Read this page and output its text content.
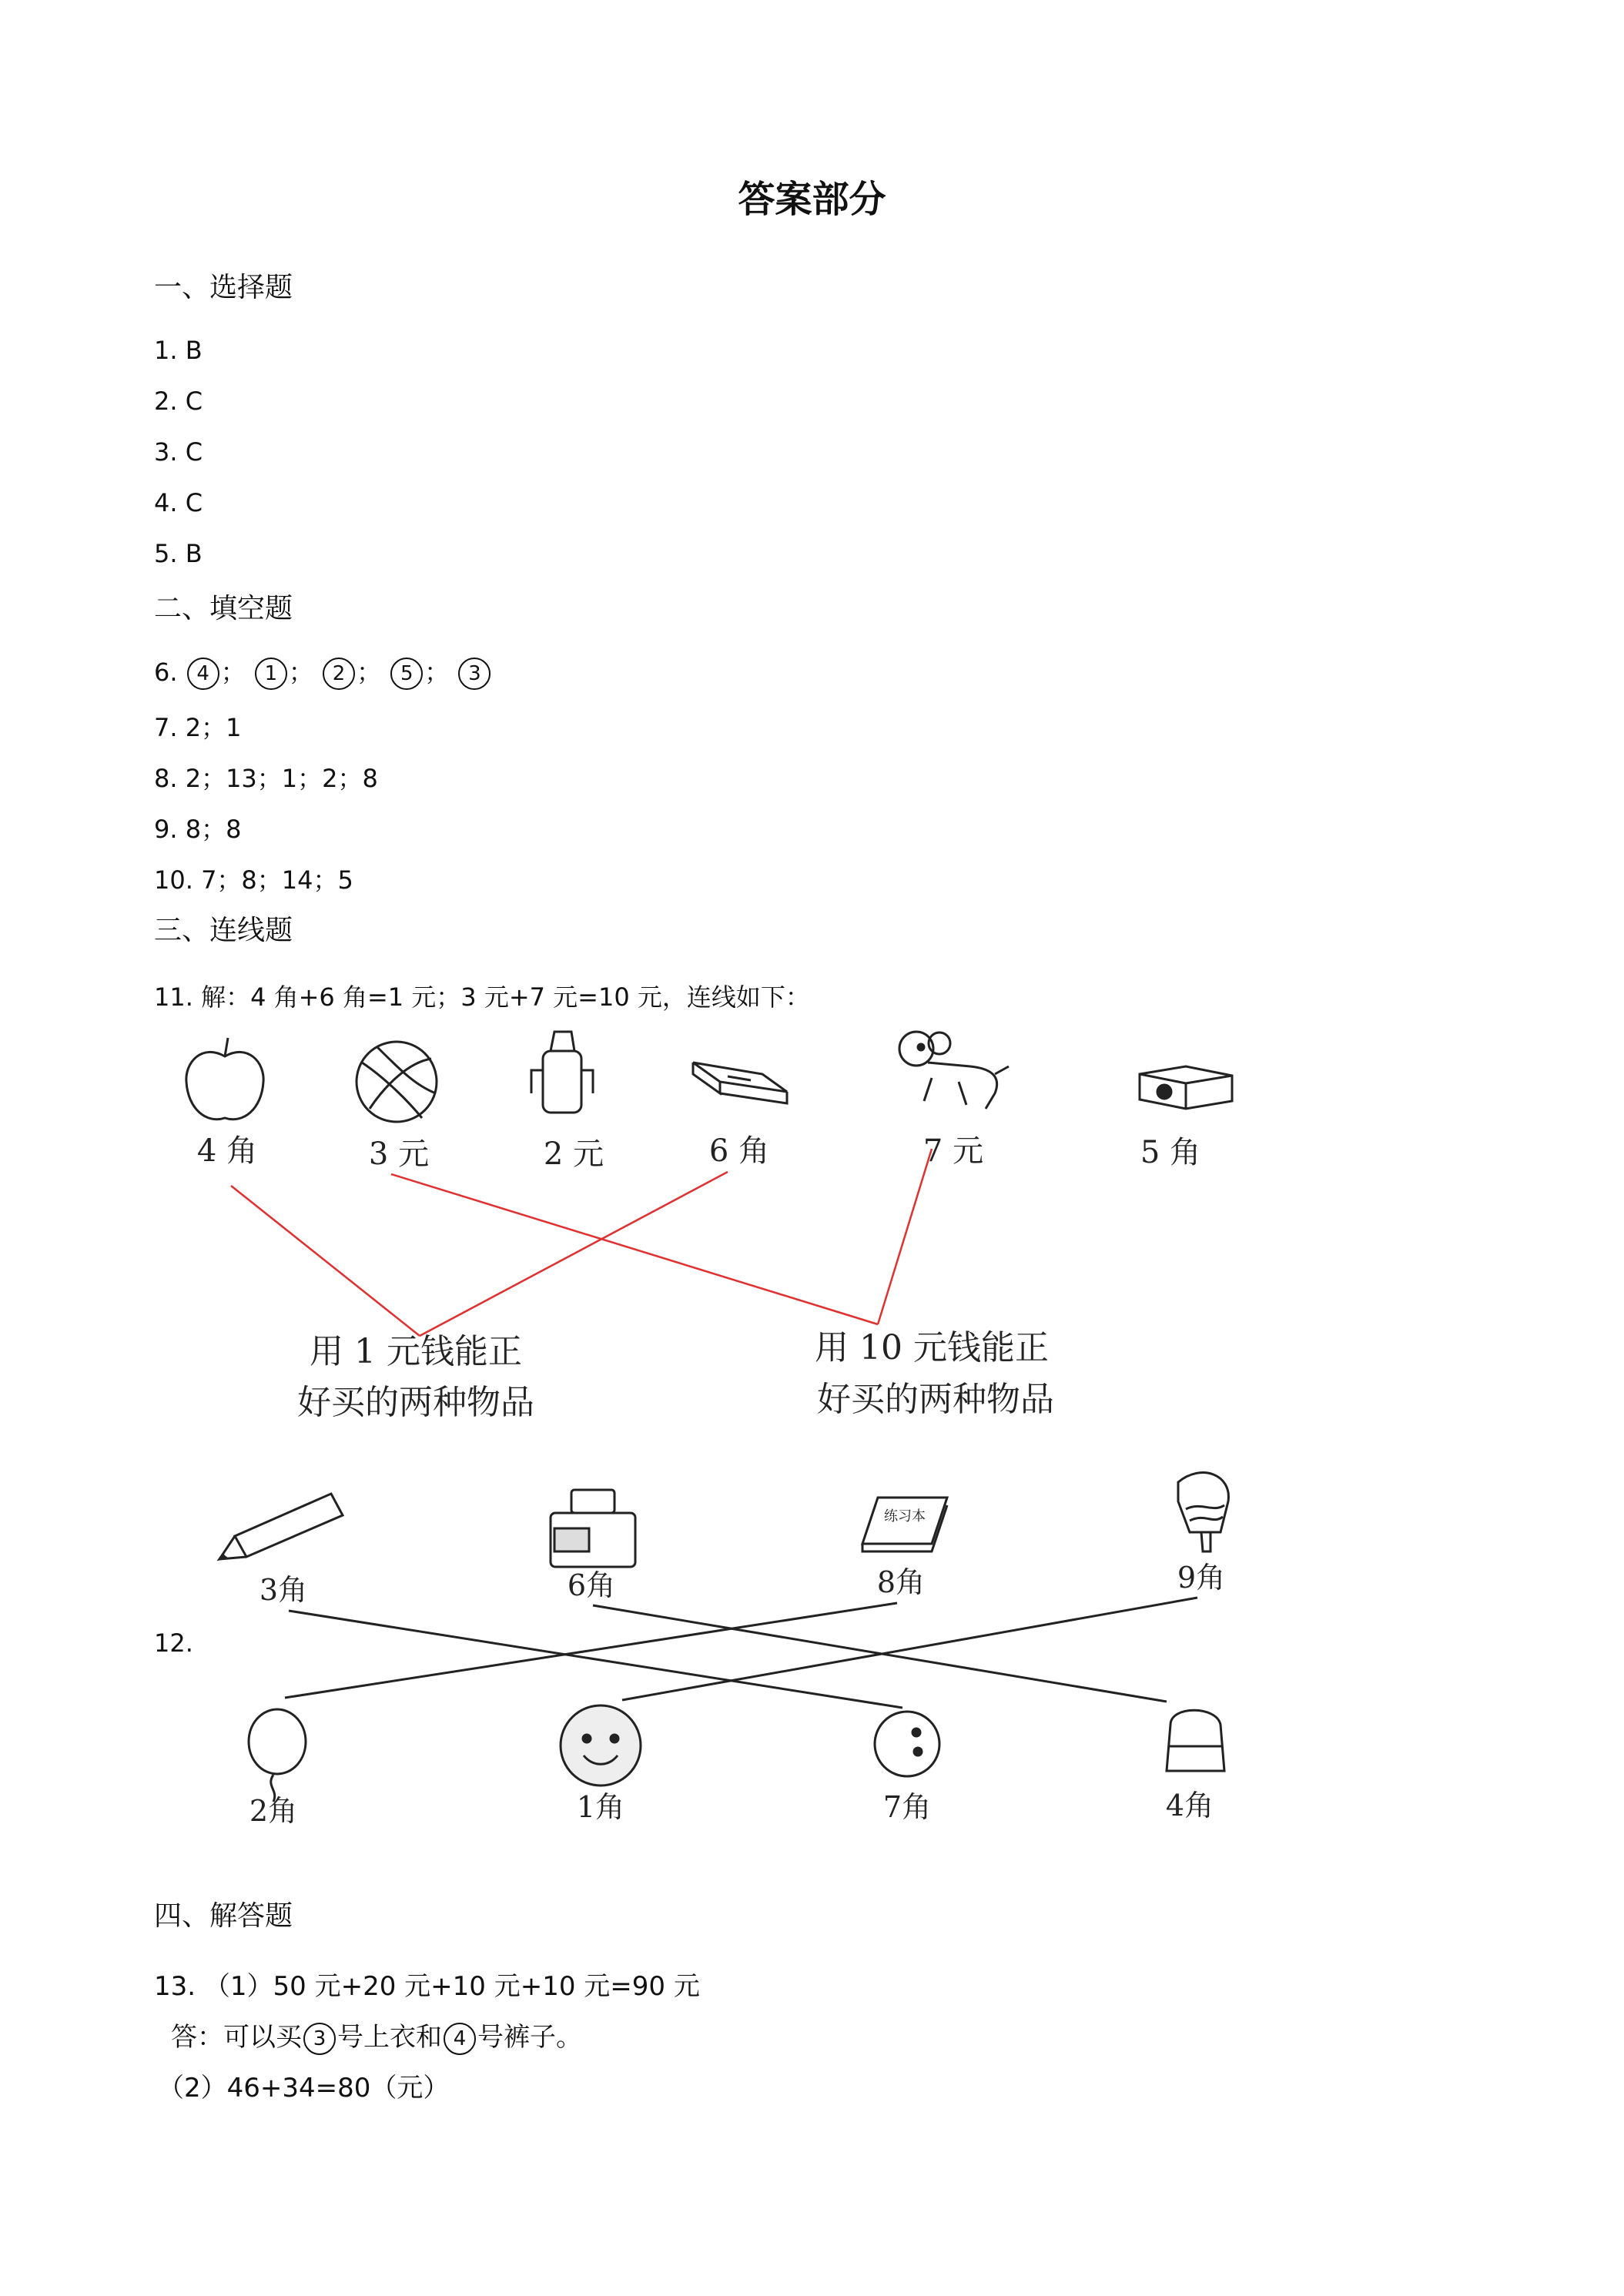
答案部分
一、选择题
1. B
2. C
3. C
4. C
5. B
二、填空题
6. 4 ； 1 ； 2 ； 5 ； 3
7. 2；1
8. 2；13；1；2；8
9. 8；8
10. 7；8；14；5
三、连线题
11. 解：4 角+6 角=1 元；3 元+7 元=10 元，连线如下：
4 角	3 元	2 元	6 角	7 元	5 角
用 1 元钱能正
好买的两种物品
用 10 元钱能正
好买的两种物品
练习本
3角	6角	8角	9角
2角	1角	7角	4角
12.
四、解答题
13. （1）50 元+20 元+10 元+10 元=90 元
答：可以买 3 号上衣和 4 号裤子。
（2）46+34=80（元）
